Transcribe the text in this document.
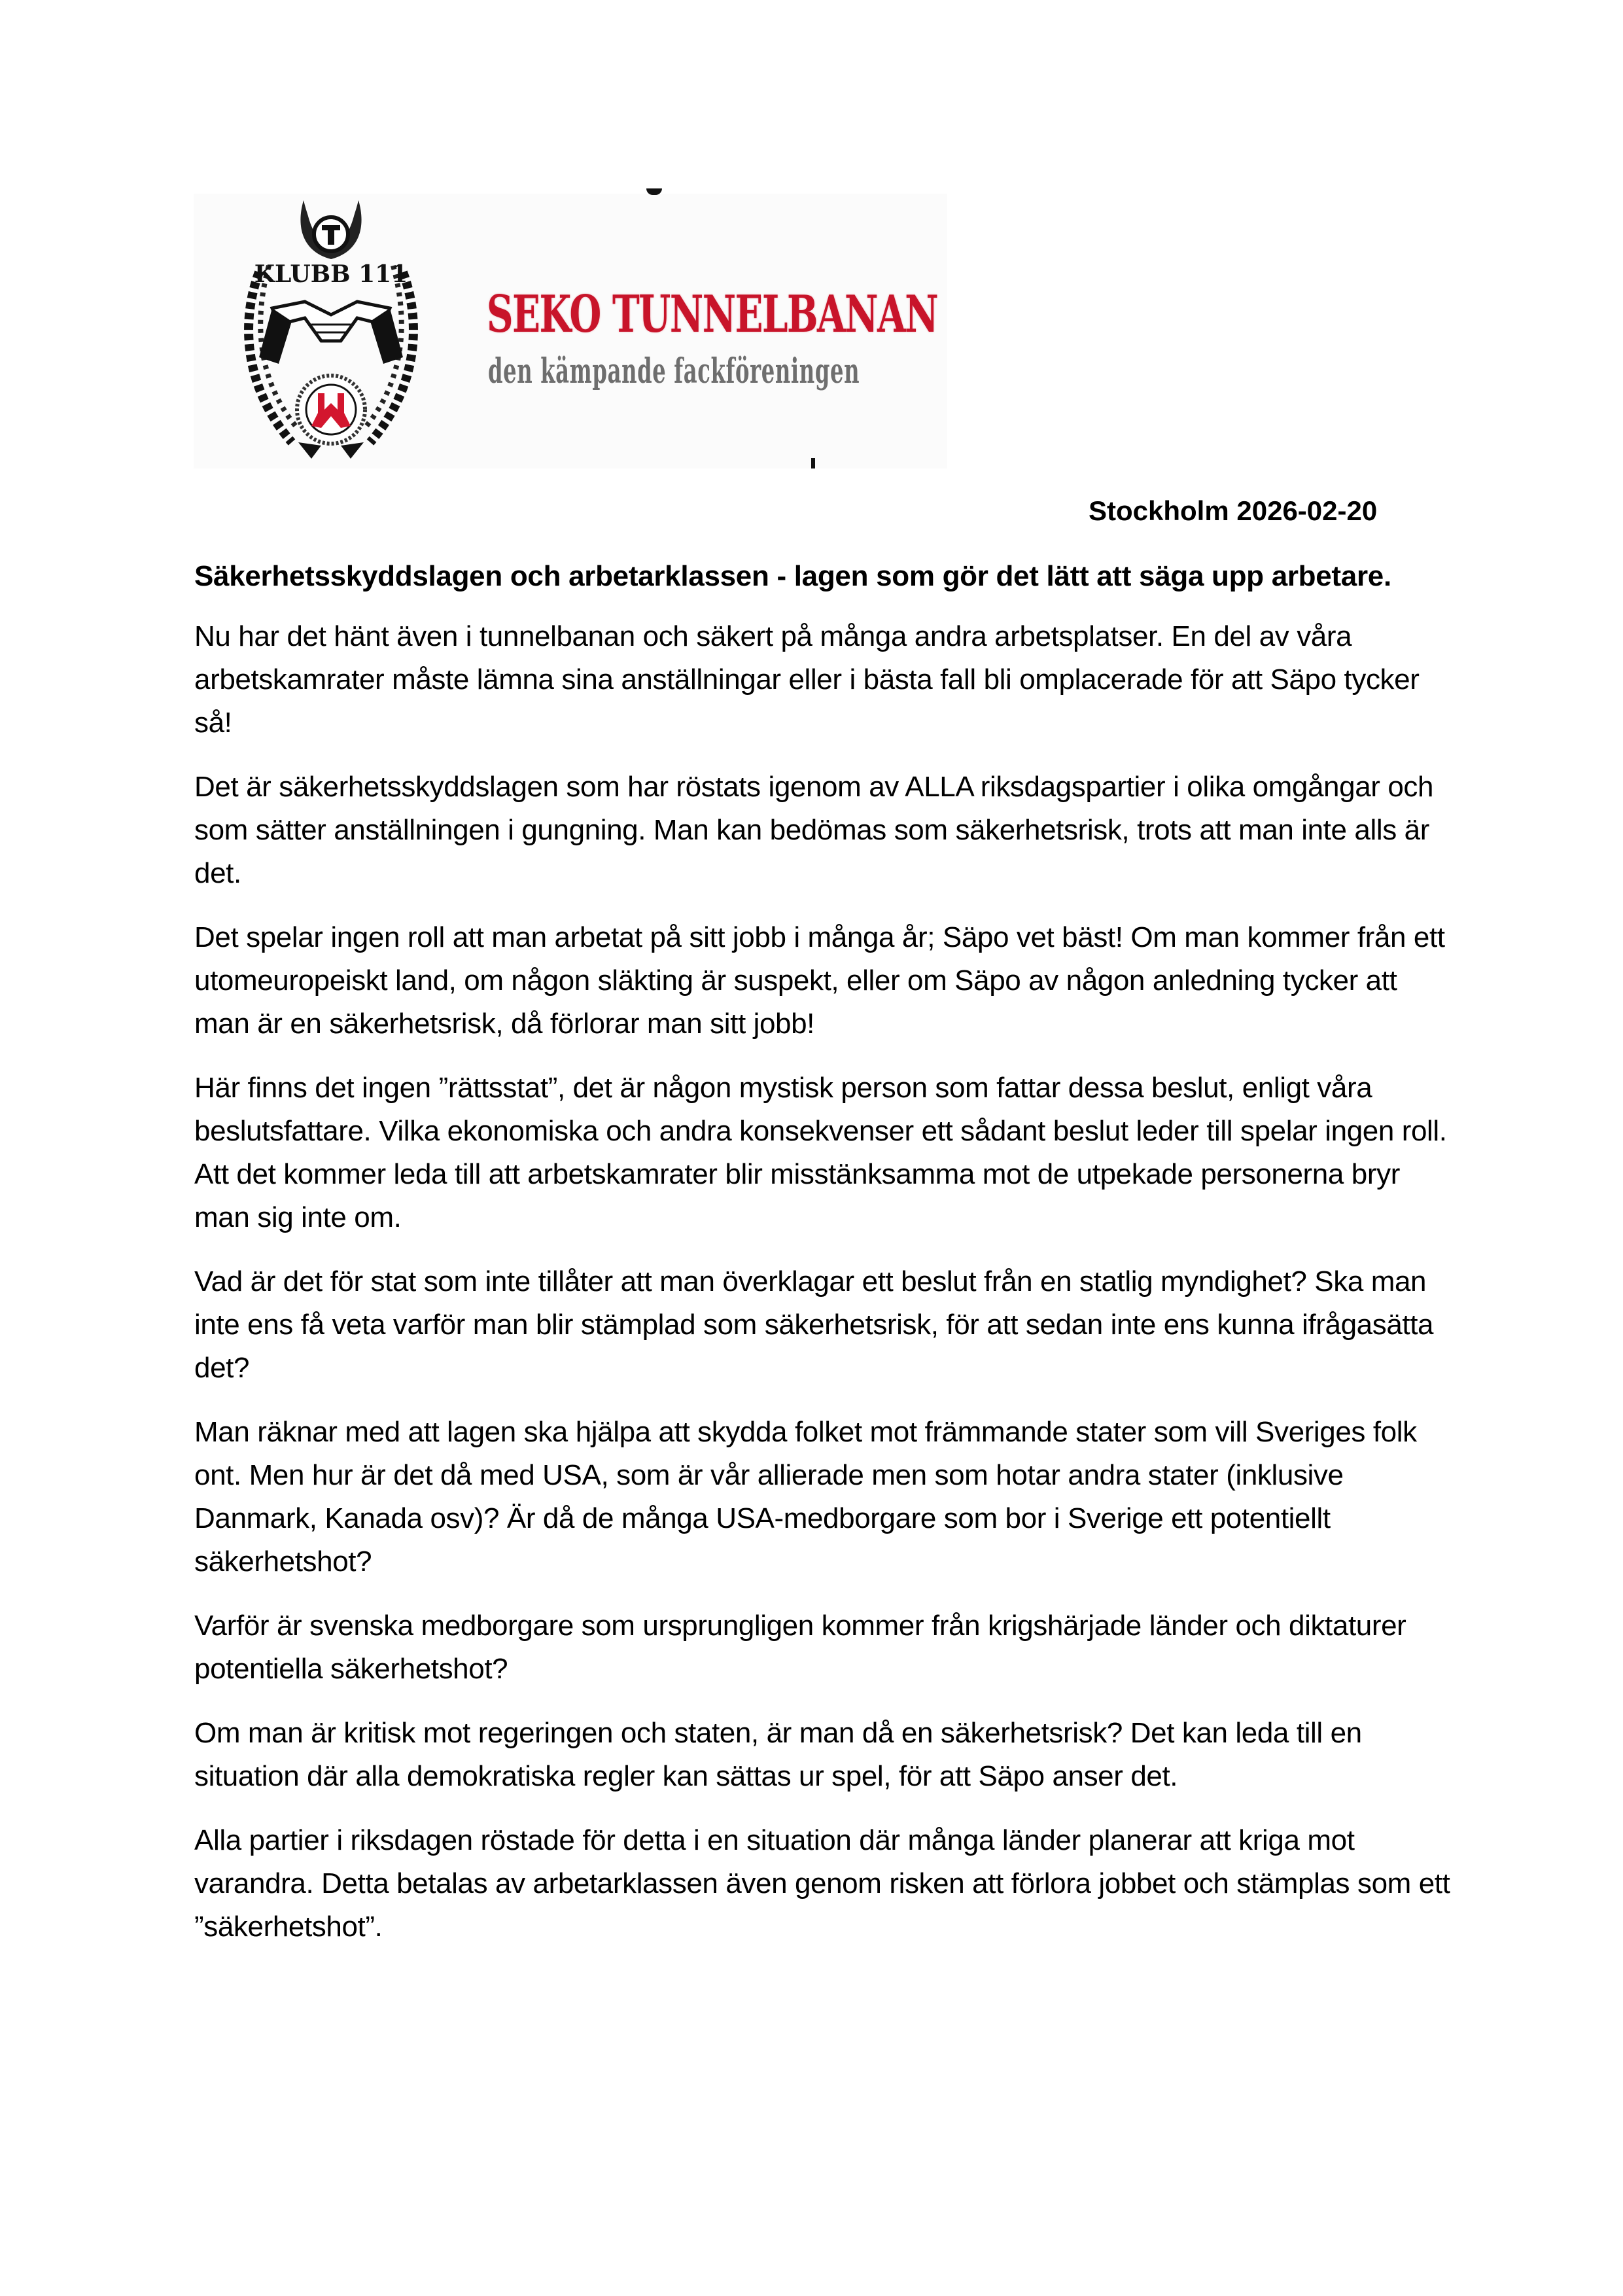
KLUBB 111
SEKO TUNNELBANAN
den kämpande fackföreningen
Stockholm 2026-02-20

Säkerhetsskyddslagen och arbetarklassen - lagen som gör det lätt att säga upp arbetare.

Nu har det hänt även i tunnelbanan och säkert på många andra arbetsplatser. En del av våra arbetskamrater måste lämna sina anställningar eller i bästa fall bli omplacerade för att Säpo tycker så!

Det är säkerhetsskyddslagen som har röstats igenom av ALLA riksdagspartier i olika omgångar och som sätter anställningen i gungning. Man kan bedömas som säkerhetsrisk, trots att man inte alls är det.

Det spelar ingen roll att man arbetat på sitt jobb i många år; Säpo vet bäst! Om man kommer från ett utomeuropeiskt land, om någon släkting är suspekt, eller om Säpo av någon anledning tycker att man är en säkerhetsrisk, då förlorar man sitt jobb!

Här finns det ingen ”rättsstat”, det är någon mystisk person som fattar dessa beslut, enligt våra beslutsfattare. Vilka ekonomiska och andra konsekvenser ett sådant beslut leder till spelar ingen roll. Att det kommer leda till att arbetskamrater blir misstänksamma mot de utpekade personerna bryr man sig inte om.

Vad är det för stat som inte tillåter att man överklagar ett beslut från en statlig myndighet? Ska man inte ens få veta varför man blir stämplad som säkerhetsrisk, för att sedan inte ens kunna ifrågasätta det?

Man räknar med att lagen ska hjälpa att skydda folket mot främmande stater som vill Sveriges folk ont. Men hur är det då med USA, som är vår allierade men som hotar andra stater (inklusive Danmark, Kanada osv)? Är då de många USA-medborgare som bor i Sverige ett potentiellt säkerhetshot?

Varför är svenska medborgare som ursprungligen kommer från krigshärjade länder och diktaturer potentiella säkerhetshot?

Om man är kritisk mot regeringen och staten, är man då en säkerhetsrisk? Det kan leda till en situation där alla demokratiska regler kan sättas ur spel, för att Säpo anser det.

Alla partier i riksdagen röstade för detta i en situation där många länder planerar att kriga mot varandra. Detta betalas av arbetarklassen även genom risken att förlora jobbet och stämplas som ett ”säkerhetshot”.
